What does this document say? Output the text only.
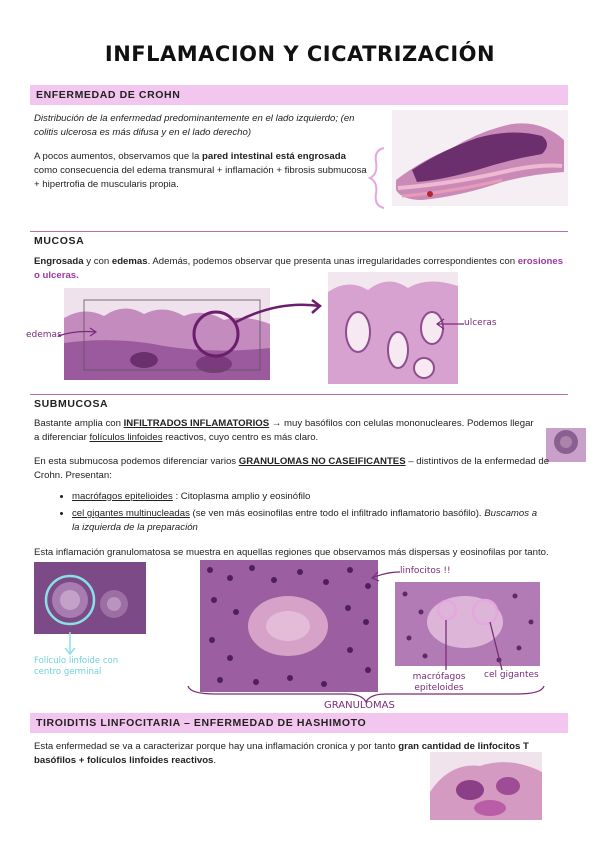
INFLAMACION Y CICATRIZACIÓN
ENFERMEDAD DE CROHN
Distribución de la enfermedad predominantemente en el lado izquierdo; (en colitis ulcerosa es más difusa y en el lado derecho)
A pocos aumentos, observamos que la pared intestinal está engrosada como consecuencia del edema transmural + inflamación + fibrosis submucosa + hipertrofia de muscularis propia.
MUCOSA
Engrosada y con edemas. Además, podemos observar que presenta unas irregularidades correspondientes con erosiones o ulceras.
edemas
ulceras
SUBMUCOSA
Bastante amplia con INFILTRADOS INFLAMATORIOS → muy basófilos con celulas mononucleares. Podemos llegar a diferenciar folículos linfoides reactivos, cuyo centro es más claro.
En esta submucosa podemos diferenciar varios GRANULOMAS NO CASEIFICANTES – distintivos de la enfermedad de Crohn. Presentan:
• macrófagos epitelioides : Citoplasma amplio y eosinófilo
• cel gigantes multinucleadas (se ven más eosinofilas entre todo el infiltrado inflamatorio basófilo). Buscamos a la izquierda de la preparación
Esta inflamación granulomatosa se muestra en aquellas regiones que observamos más dispersas y eosinofilas por tanto.
Folículo linfoide con centro germinal
linfocitos !!
macrófagos epiteloides
cel gigantes
GRANULOMAS
TIROIDITIS LINFOCITARIA – ENFERMEDAD DE HASHIMOTO
Esta enfermedad se va a caracterizar porque hay una inflamación cronica y por tanto gran cantidad de linfocitos T basófilos + folículos linfoides reactivos.
